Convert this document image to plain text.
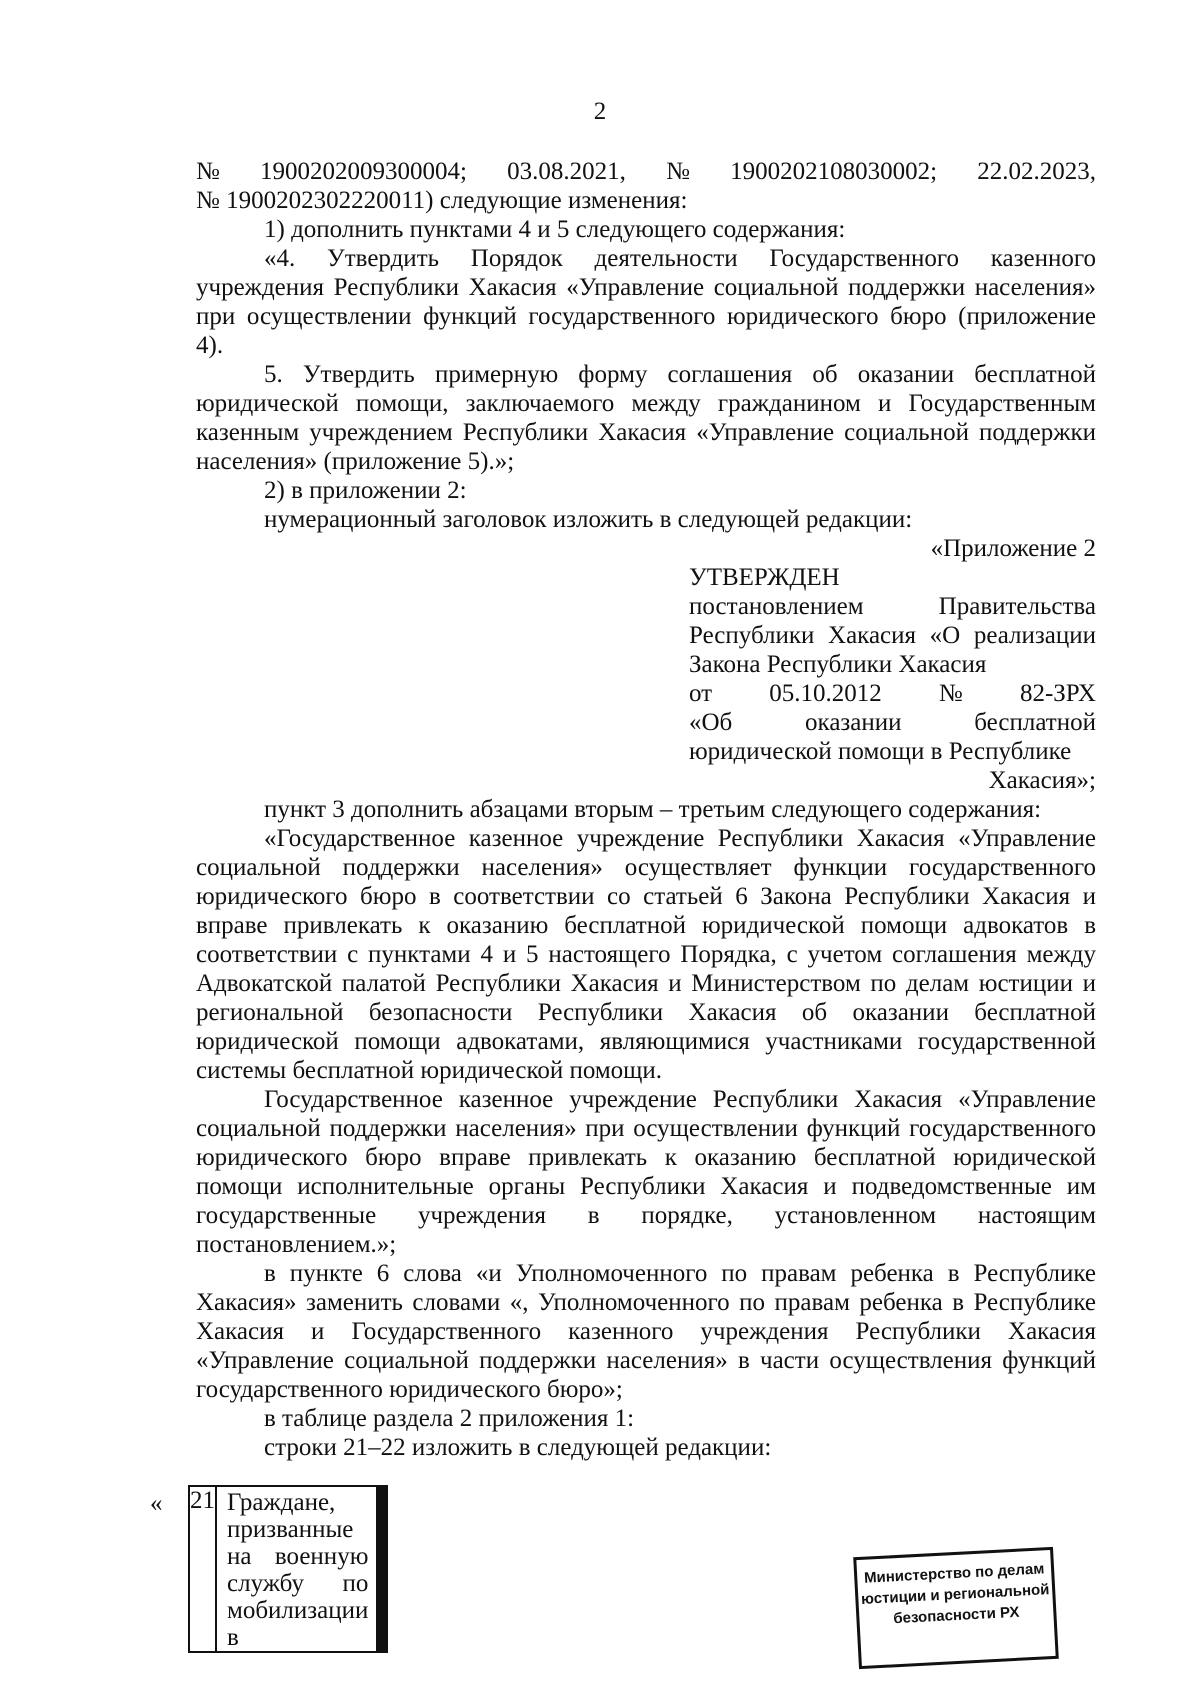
2
№ 1900202009300004; 03.08.2021, № 1900202108030002; 22.02.2023,

№ 1900202302220011) следующие изменения:

1) дополнить пунктами 4 и 5 следующего содержания:

«4. Утвердить Порядок деятельности Государственного казенного учреждения Республики Хакасия «Управление социальной поддержки населения» при осуществлении функций государственного юридического бюро (приложение 4).

5. Утвердить примерную форму соглашения об оказании бесплатной юридической помощи, заключаемого между гражданином и Государственным казенным учреждением Республики Хакасия «Управление социальной поддержки населения» (приложение 5).»;

2) в приложении 2:

нумерационный заголовок изложить в следующей редакции:

«Приложение 2

УТВЕРЖДЕН

постановлением Правительства Республики Хакасия «О реализации Закона Республики Хакасия

от 05.10.2012 № 82-ЗРХ

«Об оказании бесплатной юридической помощи в Республике

Хакасия»;

пункт 3 дополнить абзацами вторым – третьим следующего содержания:

«Государственное казенное учреждение Республики Хакасия «Управление социальной поддержки населения» осуществляет функции государственного юридического бюро в соответствии со статьей 6 Закона Республики Хакасия и вправе привлекать к оказанию бесплатной юридической помощи адвокатов в соответствии с пунктами 4 и 5 настоящего Порядка, с учетом соглашения между Адвокатской палатой Республики Хакасия и Министерством по делам юстиции и региональной безопасности Республики Хакасия об оказании бесплатной юридической помощи адвокатами, являющимися участниками государственной системы бесплатной юридической помощи.

Государственное казенное учреждение Республики Хакасия «Управление социальной поддержки населения» при осуществлении функций государственного юридического бюро вправе привлекать к оказанию бесплатной юридической помощи исполнительные органы Республики Хакасия и подведомственные им государственные учреждения в порядке, установленном настоящим постановлением.»;

в пункте 6 слова «и Уполномоченного по правам ребенка в Республике Хакасия» заменить словами «, Уполномоченного по правам ребенка в Республике Хакасия и Государственного казенного учреждения Республики Хакасия «Управление социальной поддержки населения» в части осуществления функций государственного юридического бюро»;

в таблице раздела 2 приложения 1:

строки 21–22 изложить в следующей редакции:

« 21	Граждане, призванные на военную
службу по мобилизации в

Министерство по делам
юстиции и региональной
безопасности РХ
